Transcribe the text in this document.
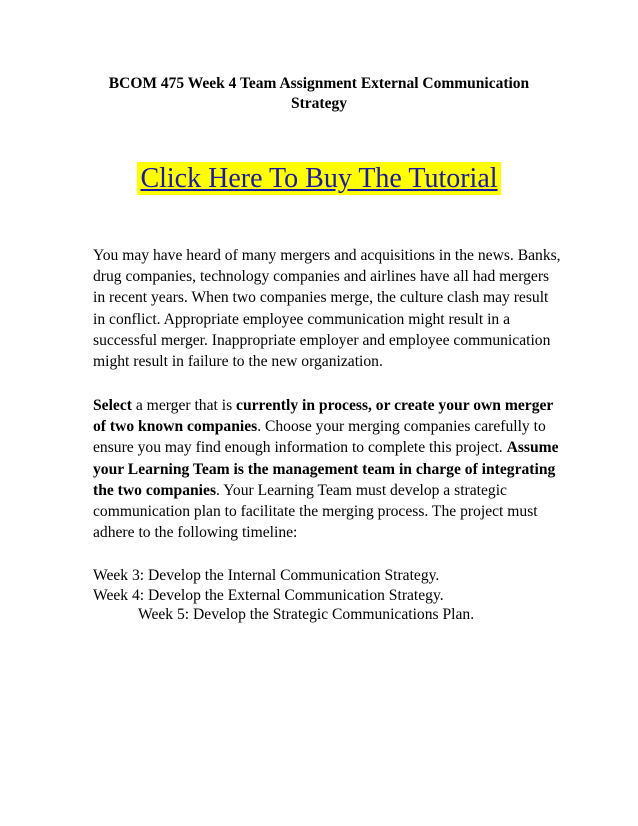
BCOM 475 Week 4 Team Assignment External Communication
Strategy
Click Here To Buy The Tutorial

You may have heard of many mergers and acquisitions in the news. Banks, drug companies, technology companies and airlines have all had mergers in recent years. When two companies merge, the culture clash may result in conflict. Appropriate employee communication might result in a successful merger. Inappropriate employer and employee communication might result in failure to the new organization.

Select a merger that is currently in process, or create your own merger of two known companies. Choose your merging companies carefully to ensure you may find enough information to complete this project. Assume your Learning Team is the management team in charge of integrating the two companies. Your Learning Team must develop a strategic communication plan to facilitate the merging process. The project must adhere to the following timeline:

Week 3: Develop the Internal Communication Strategy.
Week 4: Develop the External Communication Strategy.
Week 5: Develop the Strategic Communications Plan.
